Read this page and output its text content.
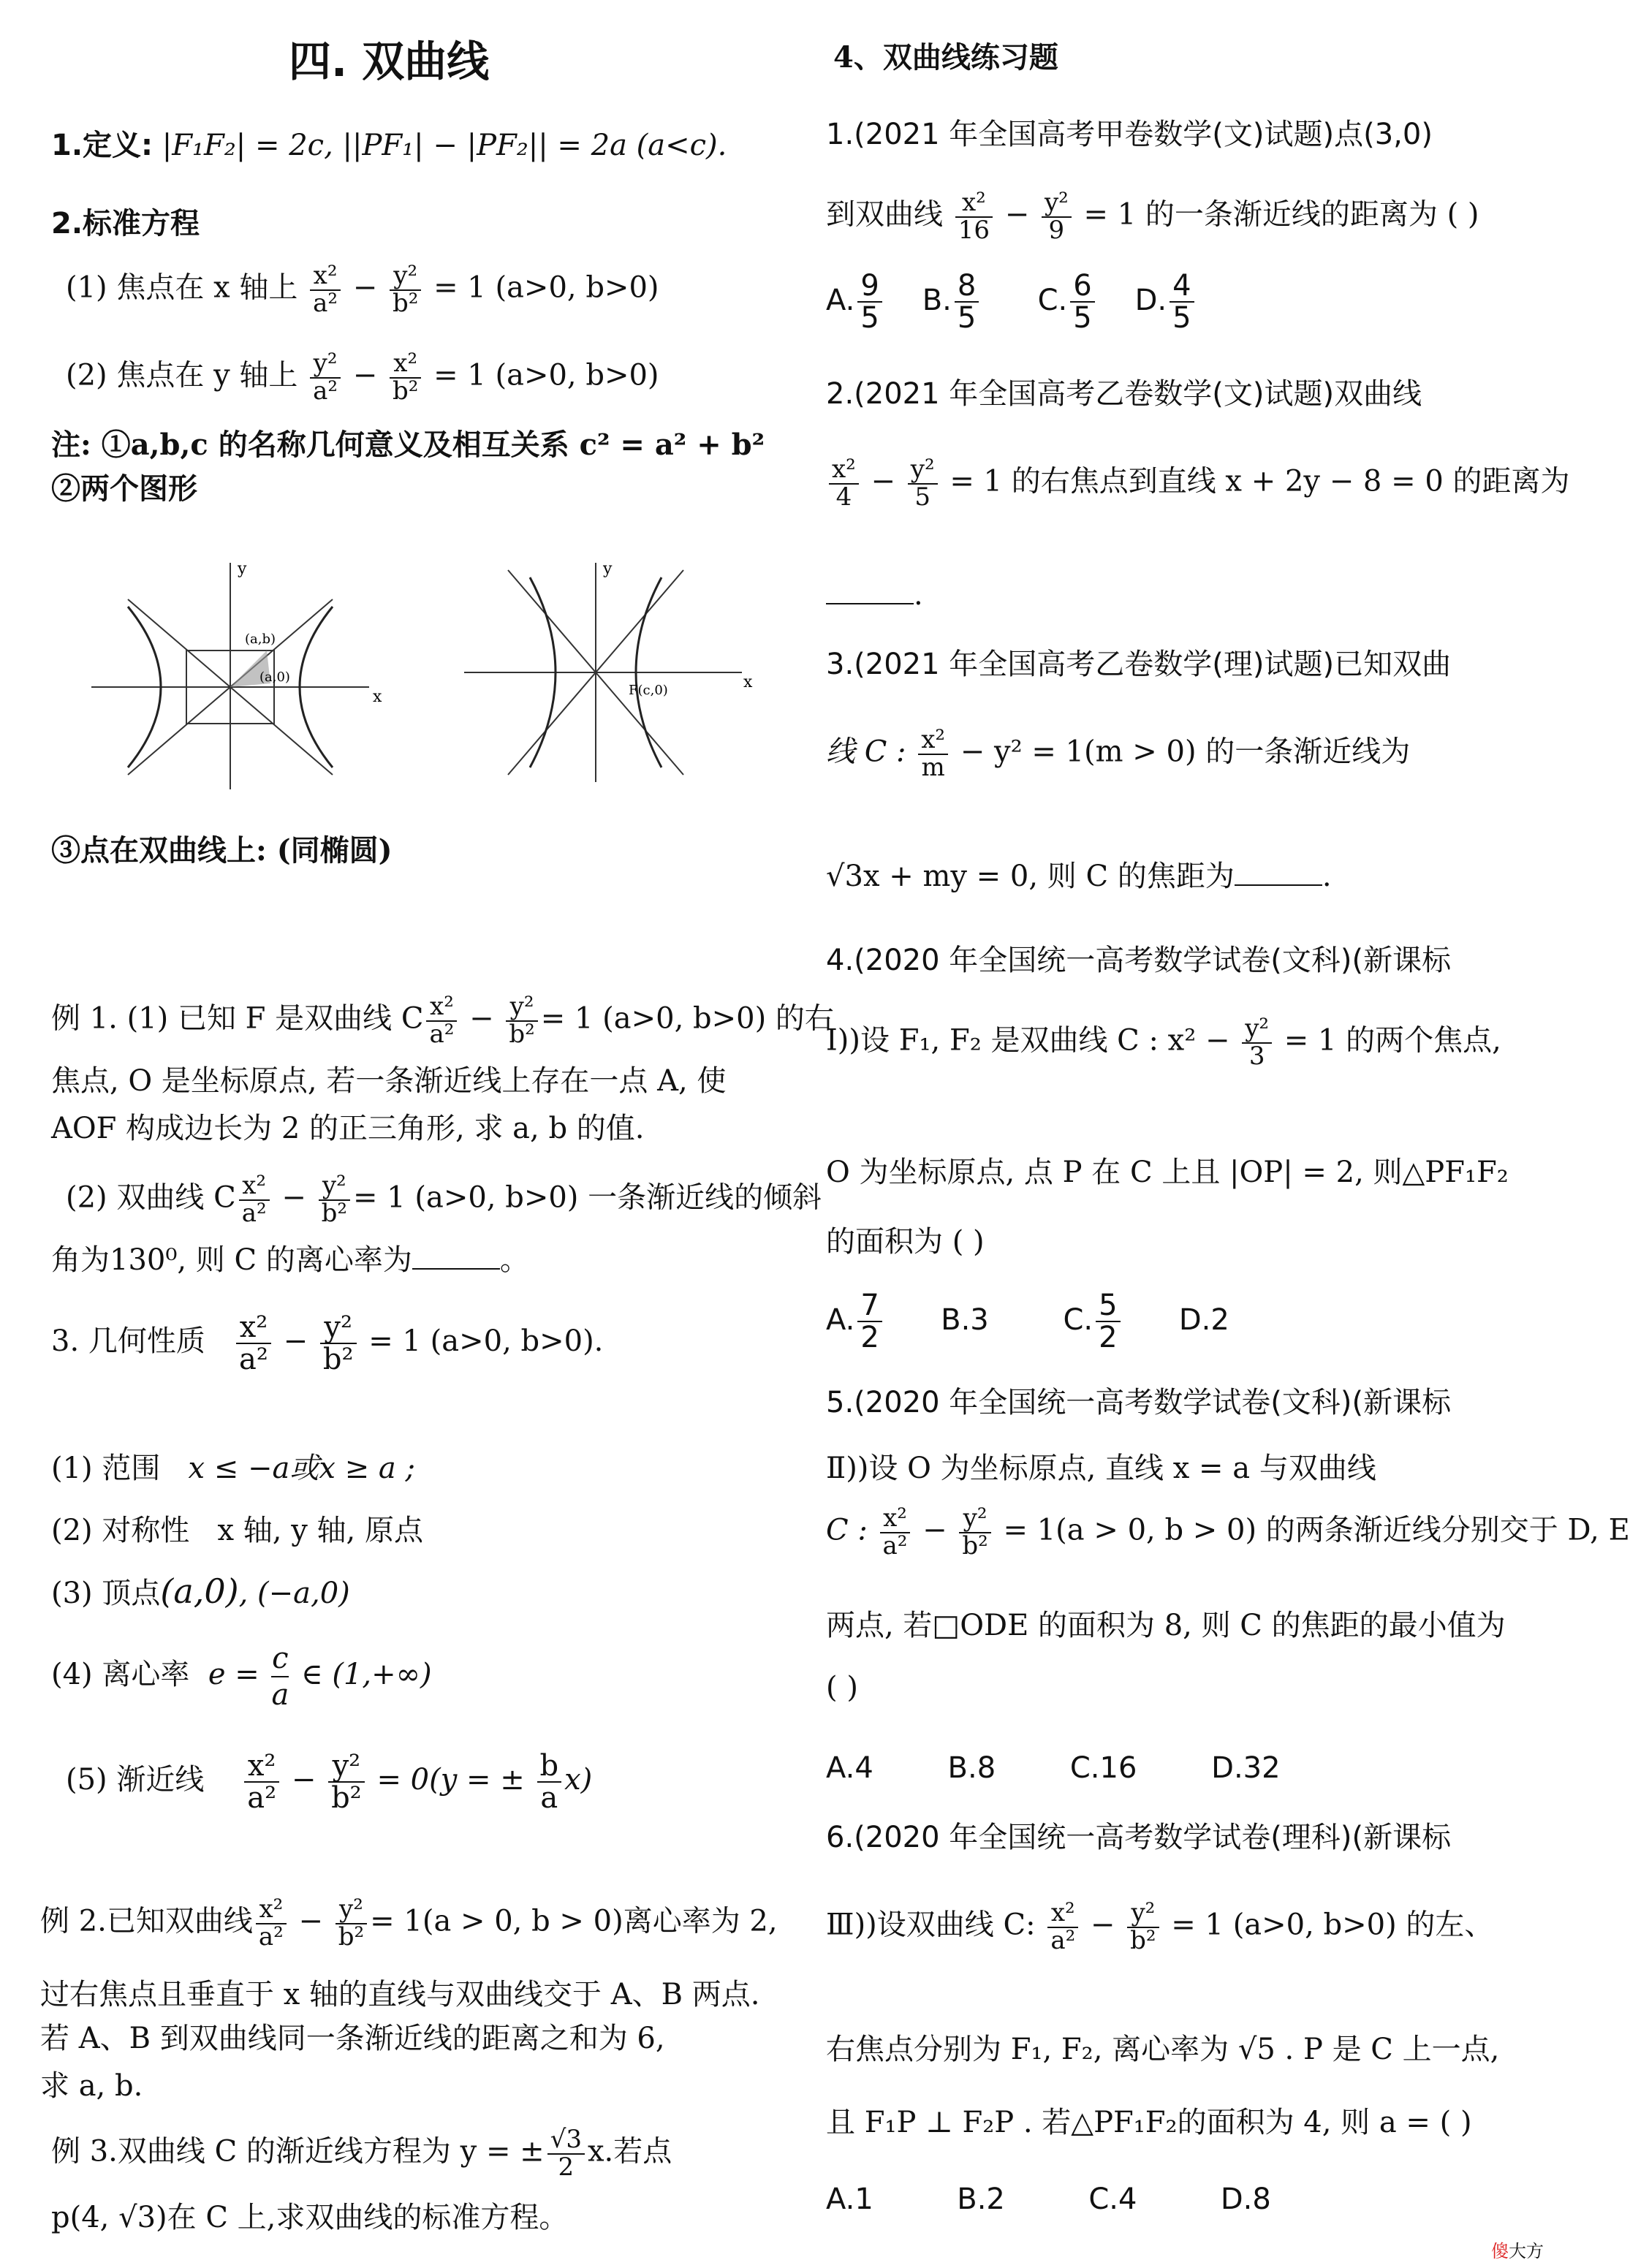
四. 双曲线
1.定义: |F₁F₂| = 2c, ||PF₁| − |PF₂|| = 2a (a<c).
2.标准方程
(1) 焦点在 x 轴上 $\frac{\text{x²}}{\text{a²}} - \frac{\text{y²}}{\text{b²}} = 1$ (a>0, b>0)
(2) 焦点在 y 轴上 $\frac{\text{y²}}{\text{a²}} - \frac{\text{x²}}{\text{b²}} = 1$ (a>0, b>0)
注: ①a,b,c 的名称几何意义及相互关系 c² = a² + b²
②两个图形
(a,b)
(a,0)
x
y
F(c,0)	x
y
③点在双曲线上: (同椭圆)
例 1. (1) 已知 F 是双曲线 C $\frac{\text{x²}}{\text{a²}} - \frac{\text{y²}}{\text{b²}} = 1$ (a>0, b>0) 的右
焦点, O 是坐标原点, 若一条渐近线上存在一点 A, 使
AOF 构成边长为 2 的正三角形, 求 a, b 的值.
(2) 双曲线 C $\frac{\text{x²}}{\text{a²}} - \frac{\text{y²}}{\text{b²}} = 1$ (a>0, b>0) 一条渐近线的倾斜
角为130⁰, 则 C 的离心率为	。
3. 几何性质 $\frac{\text{x²}}{\text{a²}} - \frac{\text{y²}}{\text{b²}} = 1$ (a>0, b>0).
(1) 范围 x ≤ −a或x ≥ a ;
(2) 对称性 x 轴, y 轴, 原点
(3) 顶点(a,0), (−a,0)
(4) 离心率 $e = \frac{c}{a}$ ∈ (1,+∞)
(5) 渐近线 $\frac{\text{x²}}{\text{a²}} - \frac{\text{y²}}{\text{b²}} = 0(y$ = ± $\frac{b}{a} x$)
例 2.已知双曲线 $\frac{\text{x²}}{\text{a²}} - \frac{\text{y²}}{\text{b²}} = 1(a > 0$, b > 0)离心率为 2,
过右焦点且垂直于 x 轴的直线与双曲线交于 A、B 两点.
若 A、B 到双曲线同一条渐近线的距离之和为 6,
求 a, b.
例 3.双曲线 C 的渐近线方程为 y = ± $\frac{√3}{2} x$.若点
p(4, √3)在 C 上,求双曲线的标准方程。
4、双曲线练习题
1.(2021 年全国高考甲卷数学(文)试题)点(3,0)
到双曲线 $\frac{\text{x²}}{16} - \frac{\text{y²}}{9} = 1$ 的一条渐近线的距离为 ( )
A. $\frac{9}{5} B$. $\frac{8}{5} C$. $\frac{6}{5} D$. $\frac{4}{5}$
2.(2021 年全国高考乙卷数学(文)试题)双曲线
$\frac{\text{x²}}{4} - \frac{\text{y²}}{5} = 1$ 的右焦点到直线 x + 2y − 8 = 0 的距离为
.
3.(2021 年全国高考乙卷数学(理)试题)已知双曲
线 C : $\frac{\text{x²}}{m} - y^2 = 1(m > 0)$ 的一条渐近线为
√3x + my = 0, 则 C 的焦距为	.
4.(2020 年全国统一高考数学试卷(文科)(新课标
Ⅰ))设 F₁, F₂ 是双曲线 C : $x^2 - \frac{\text{y²}}{3} = 1$ 的两个焦点,
O 为坐标原点, 点 P 在 C 上且 |OP| = 2, 则△PF₁F₂
的面积为 ( )
A. $\frac{7}{2} B.3$	C. $\frac{5}{2} D.2$
5.(2020 年全国统一高考数学试卷(文科)(新课标
Ⅱ))设 O 为坐标原点, 直线 x = a 与双曲线
C : $\frac{\text{x²}}{\text{a²}} - \frac{\text{y²}}{\text{b²}} = 1(a > 0$, b > 0) 的两条渐近线分别交于 D, E
两点, 若□ODE 的面积为 8, 则 C 的焦距的最小值为
( )
A.4	B.8	C.16	D.32
6.(2020 年全国统一高考数学试卷(理科)(新课标
Ⅲ))设双曲线 C: $\frac{\text{x²}}{\text{a²}} - \frac{\text{y²}}{\text{b²}} = 1$ (a>0, b>0) 的左、
右焦点分别为 F₁, F₂, 离心率为 √5 . P 是 C 上一点,
且 F₁P ⊥ F₂P . 若△PF₁F₂的面积为 4, 则 a = ( )
A.1	B.2	C.4	D.8
傻大方
